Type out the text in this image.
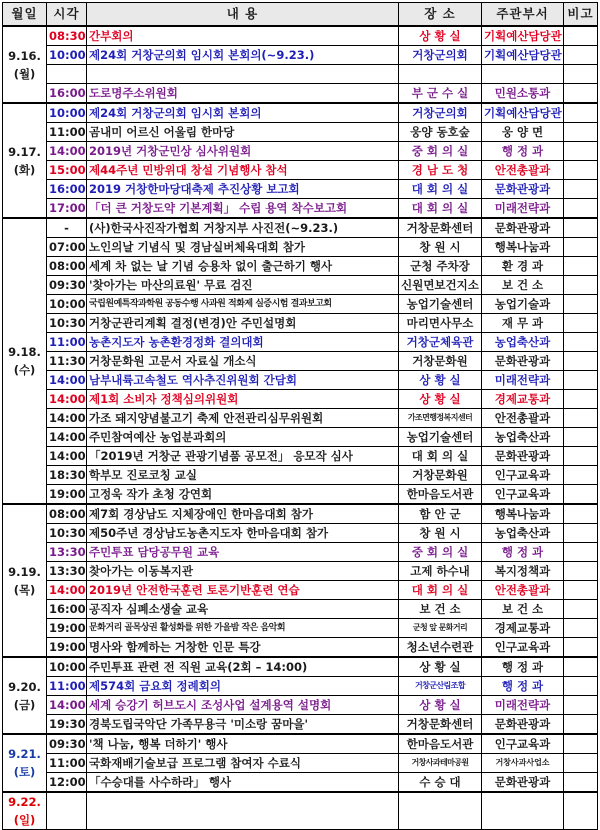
월일	시각	내 용	장 소	주관부서	비고

9.16.
(월)	08:30	간부회의	상 황 실	기획예산담당관	
	10:00	제24회 거창군의회 임시회 본회의(~9.23.)	거창군의회	기획예산담당관	

	16:00	도로명주소위원회	부 군 수 실	민원소통과	

9.17.
(화)	10:00	제24회 거창군의회 임시회 본회의	거창군의회	기획예산담당관	
	11:00	곰내미 어르신 어울림 한마당	웅양 동호숲	웅 양 면	
	14:00	2019년 거창군민상 심사위원회	중 회 의 실	행 정 과	
	15:00	제44주년 민방위대 창설 기념행사 참석	경 남 도 청	안전총괄과	
	16:00	2019 거창한마당대축제 추진상황 보고회	대 회 의 실	문화관광과	
	17:00	「더 큰 거창도약 기본계획」 수립 용역 착수보고회	대 회 의 실	미래전략과	

9.18.
(수)	-	(사)한국사진작가협회 거창지부 사진전(~9.23.)	거창문화센터	문화관광과	
	07:00	노인의날 기념식 및 경남실버체육대회 참가	창 원 시	행복나눔과	
	08:00	세계 차 없는 날 기념 승용차 없이 출근하기 행사	군청 주차장	환 경 과	
	09:30	'찾아가는 마산의료원' 무료 검진	신원면보건지소	보 건 소	
	10:00	국립원예특작과학원 공동수행 사과원 적화제 실증시험 결과보고회	농업기술센터	농업기술과	
	10:30	거창군관리계획 결정(변경)안 주민설명회	마리면사무소	재 무 과	
	11:00	농촌지도자 농촌환경정화 결의대회	거창군체육관	농업축산과	
	11:30	거창문화원 고문서 자료실 개소식	거창문화원	문화관광과	
	14:00	남부내륙고속철도 역사추진위원회 간담회	상 황 실	미래전략과	
	14:00	제1회 소비자 정책심의위원회	상 황 실	경제교통과	
	14:00	가조 돼지양념불고기 축제 안전관리심무위원회	가조면행정복지센터	안전총괄과	
	14:00	주민참여예산 농업분과회의	농업기술센터	농업축산과	
	14:00	「2019년 거창군 관광기념품 공모전」 응모작 심사	대 회 의 실	문화관광과	
	18:30	학부모 진로코칭 교실	거창문화원	인구교육과	
	19:00	고정욱 작가 초청 강연회	한마음도서관	인구교육과	

9.19.
(목)	08:00	제7회 경상남도 지체장애인 한마음대회 참가	함 안 군	행복나눔과	
	10:30	제50주년 경상남도농촌지도자 한마음대회 참가	창 원 시	농업축산과	
	13:30	주민투표 담당공무원 교육	중 회 의 실	행 정 과	
	13:30	찾아가는 이동복지관	고제 하수내	복지정책과	
	14:00	2019년 안전한국훈련 토론기반훈련 연습	대 회 의 실	안전총괄과	
	16:00	공직자 심폐소생술 교육	보 건 소	보 건 소	
	19:00	문화거리 골목상권 활성화를 위한 가을밤 작은 음악회	군청 앞 문화거리	경제교통과	
	19:00	명사와 함께하는 거창한 인문 특강	청소년수련관	인구교육과	

9.20.
(금)	10:00	주민투표 관련 전 직원 교육(2회 – 14:00)	상 황 실	행 정 과	
	11:00	제574회 금요회 정례회의	거창군산림조합	행 정 과	
	14:00	세계 승강기 허브도시 조성사업 설계용역 설명회	상 황 실	미래전략과	
	19:30	경북도립국악단 가족무용극 '미소랑 꿈마을'	거창문화센터	문화관광과	

9.21.
(토)	09:30	'책 나눔, 행복 더하기' 행사	한마음도서관	인구교육과	
	11:00	국화재배기술보급 프로그램 참여자 수료식	거창사과테마공원	거창사과사업소	
	12:00	「수승대를 사수하라」 행사	수 승 대	문화관광과	

9.22.
(일)					
